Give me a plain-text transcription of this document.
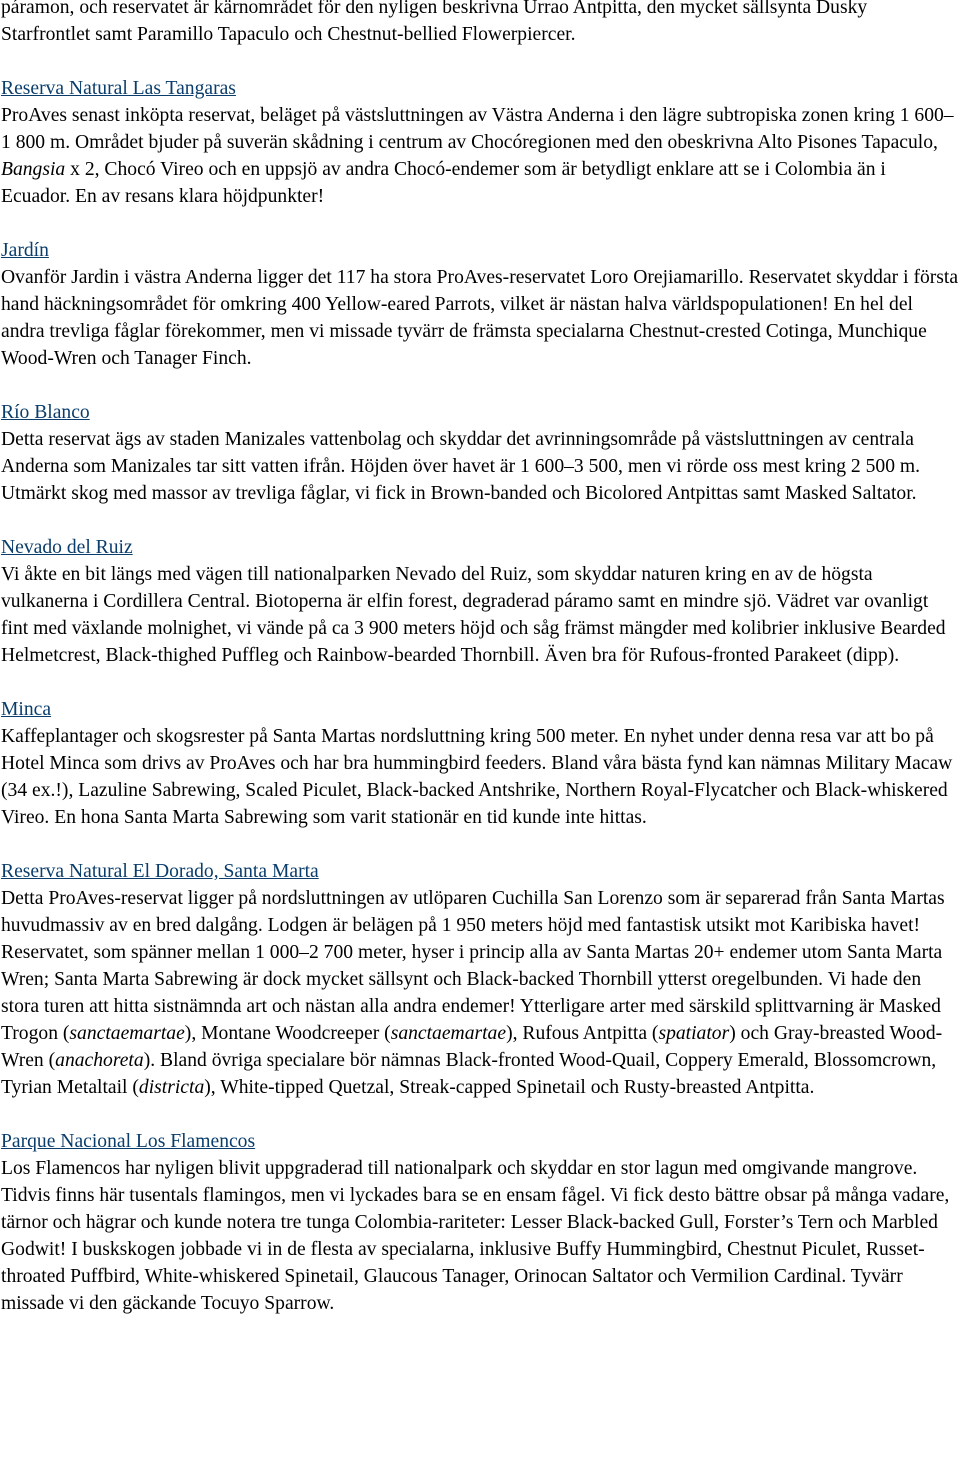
páramon, och reservatet är kärnområdet för den nyligen beskrivna Urrao Antpitta, den mycket sällsynta Dusky Starfrontlet samt Paramillo Tapaculo och Chestnut-bellied Flowerpiercer.
Reserva Natural Las Tangaras
ProAves senast inköpta reservat, beläget på västsluttningen av Västra Anderna i den lägre subtropiska zonen kring 1 600–1 800 m. Området bjuder på suverän skådning i centrum av Chocóregionen med den obeskrivna Alto Pisones Tapaculo, Bangsia x 2, Chocó Vireo och en uppsjö av andra Chocó-endemer som är betydligt enklare att se i Colombia än i Ecuador. En av resans klara höjdpunkter!
Jardín
Ovanför Jardin i västra Anderna ligger det 117 ha stora ProAves-reservatet Loro Orejiamarillo. Reservatet skyddar i första hand häckningsområdet för omkring 400 Yellow-eared Parrots, vilket är nästan halva världspopulationen! En hel del andra trevliga fåglar förekommer, men vi missade tyvärr de främsta specialarna Chestnut-crested Cotinga, Munchique Wood-Wren och Tanager Finch.
Río Blanco
Detta reservat ägs av staden Manizales vattenbolag och skyddar det avrinningsområde på västsluttningen av centrala Anderna som Manizales tar sitt vatten ifrån. Höjden över havet är 1 600–3 500, men vi rörde oss mest kring 2 500 m. Utmärkt skog med massor av trevliga fåglar, vi fick in Brown-banded och Bicolored Antpittas samt Masked Saltator.
Nevado del Ruiz
Vi åkte en bit längs med vägen till nationalparken Nevado del Ruiz, som skyddar naturen kring en av de högsta vulkanerna i Cordillera Central. Biotoperna är elfin forest, degraderad páramo samt en mindre sjö. Vädret var ovanligt fint med växlande molnighet, vi vände på ca 3 900 meters höjd och såg främst mängder med kolibrier inklusive Bearded Helmetcrest, Black-thighed Puffleg och Rainbow-bearded Thornbill. Även bra för Rufous-fronted Parakeet (dipp).
Minca
Kaffeplantager och skogsrester på Santa Martas nordsluttning kring 500 meter. En nyhet under denna resa var att bo på Hotel Minca som drivs av ProAves och har bra hummingbird feeders. Bland våra bästa fynd kan nämnas Military Macaw (34 ex.!), Lazuline Sabrewing, Scaled Piculet, Black-backed Antshrike, Northern Royal-Flycatcher och Black-whiskered Vireo. En hona Santa Marta Sabrewing som varit stationär en tid kunde inte hittas.
Reserva Natural El Dorado, Santa Marta
Detta ProAves-reservat ligger på nordsluttningen av utlöparen Cuchilla San Lorenzo som är separerad från Santa Martas huvudmassiv av en bred dalgång. Lodgen är belägen på 1 950 meters höjd med fantastisk utsikt mot Karibiska havet! Reservatet, som spänner mellan 1 000–2 700 meter, hyser i princip alla av Santa Martas 20+ endemer utom Santa Marta Wren; Santa Marta Sabrewing är dock mycket sällsynt och Black-backed Thornbill ytterst oregelbunden. Vi hade den stora turen att hitta sistnämnda art och nästan alla andra endemer! Ytterligare arter med särskild splittvarning är Masked Trogon (sanctaemartae), Montane Woodcreeper (sanctaemartae), Rufous Antpitta (spatiator) och Gray-breasted Wood-Wren (anachoreta). Bland övriga specialare bör nämnas Black-fronted Wood-Quail, Coppery Emerald, Blossomcrown, Tyrian Metaltail (districta), White-tipped Quetzal, Streak-capped Spinetail och Rusty-breasted Antpitta.
Parque Nacional Los Flamencos
Los Flamencos har nyligen blivit uppgraderad till nationalpark och skyddar en stor lagun med omgivande mangrove. Tidvis finns här tusentals flamingos, men vi lyckades bara se en ensam fågel. Vi fick desto bättre obsar på många vadare, tärnor och hägrar och kunde notera tre tunga Colombia-rariteter: Lesser Black-backed Gull, Forster’s Tern och Marbled Godwit! I buskskogen jobbade vi in de flesta av specialarna, inklusive Buffy Hummingbird, Chestnut Piculet, Russet-throated Puffbird, White-whiskered Spinetail, Glaucous Tanager, Orinocan Saltator och Vermilion Cardinal. Tyvärr missade vi den gäckande Tocuyo Sparrow.
